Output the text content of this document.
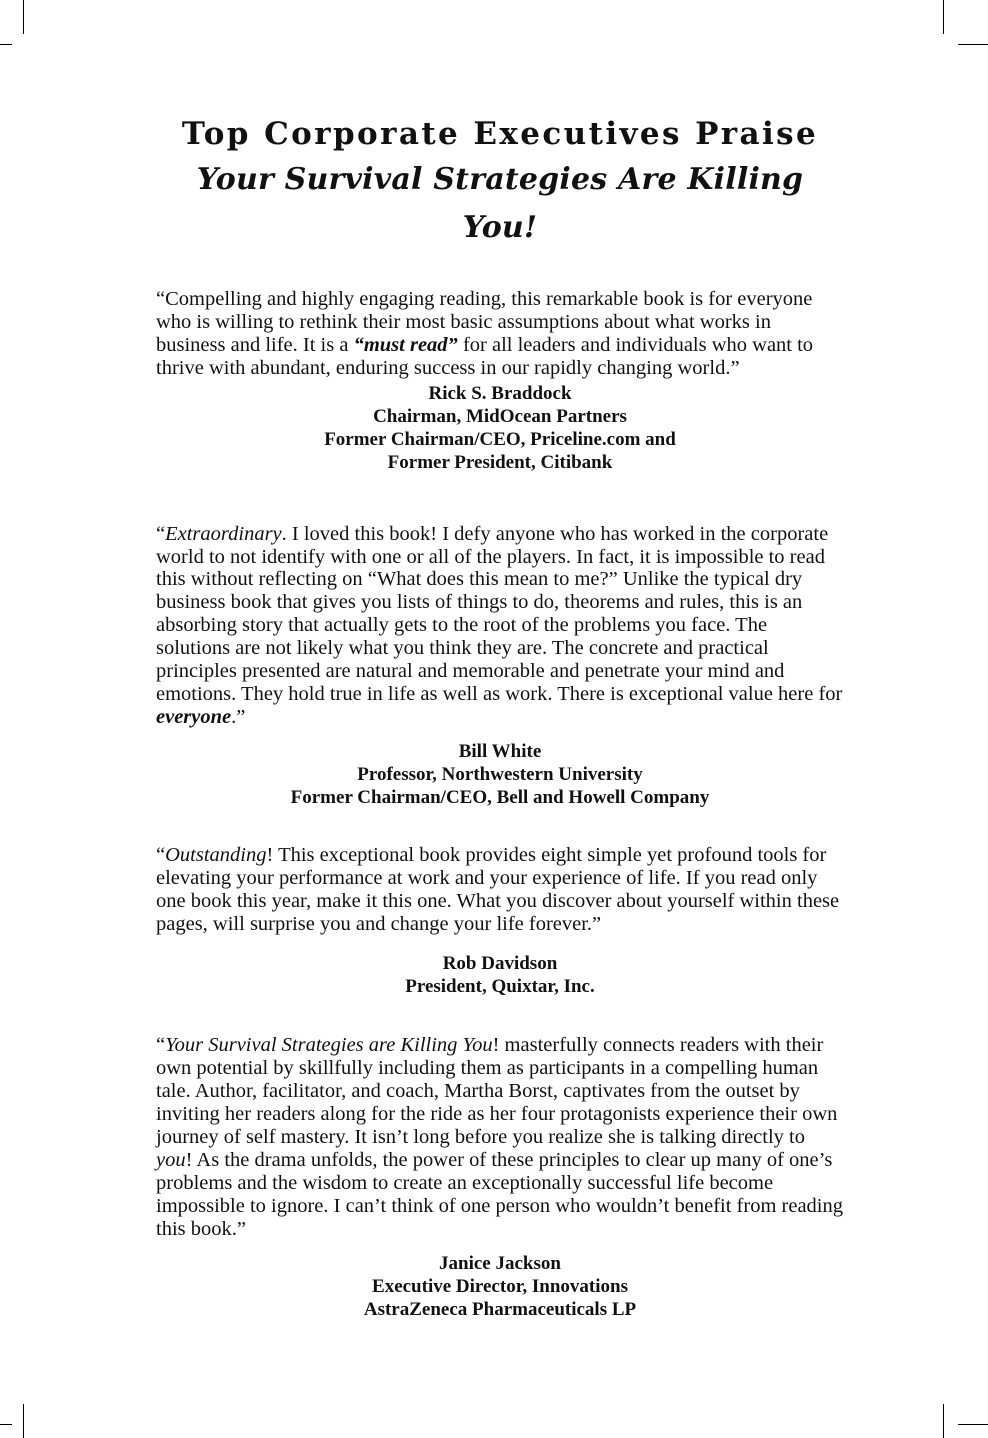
Top Corporate Executives Praise
Your Survival Strategies Are Killing You!

“Compelling and highly engaging reading, this remarkable book is for everyone who is willing to rethink their most basic assumptions about what works in business and life. It is a “must read” for all leaders and individuals who want to thrive with abundant, enduring success in our rapidly changing world.”

Rick S. Braddock
Chairman, MidOcean Partners
Former Chairman/CEO, Priceline.com and
Former President, Citibank

“Extraordinary. I loved this book! I defy anyone who has worked in the corporate world to not identify with one or all of the players. In fact, it is impossible to read this without reflecting on “What does this mean to me?” Unlike the typical dry business book that gives you lists of things to do, theorems and rules, this is an absorbing story that actually gets to the root of the problems you face. The solutions are not likely what you think they are. The concrete and practical principles presented are natural and memorable and penetrate your mind and emotions. They hold true in life as well as work. There is exceptional value here for everyone.”

Bill White
Professor, Northwestern University
Former Chairman/CEO, Bell and Howell Company

“Outstanding! This exceptional book provides eight simple yet profound tools for elevating your performance at work and your experience of life. If you read only one book this year, make it this one. What you discover about yourself within these pages, will surprise you and change your life forever.”

Rob Davidson
President, Quixtar, Inc.

“Your Survival Strategies are Killing You! masterfully connects readers with their own potential by skillfully including them as participants in a compelling human tale. Author, facilitator, and coach, Martha Borst, captivates from the outset by inviting her readers along for the ride as her four protagonists experience their own journey of self mastery. It isn’t long before you realize she is talking directly to you! As the drama unfolds, the power of these principles to clear up many of one’s problems and the wisdom to create an exceptionally successful life become impossible to ignore. I can’t think of one person who wouldn’t benefit from reading this book.”

Janice Jackson
Executive Director, Innovations
AstraZeneca Pharmaceuticals LP
